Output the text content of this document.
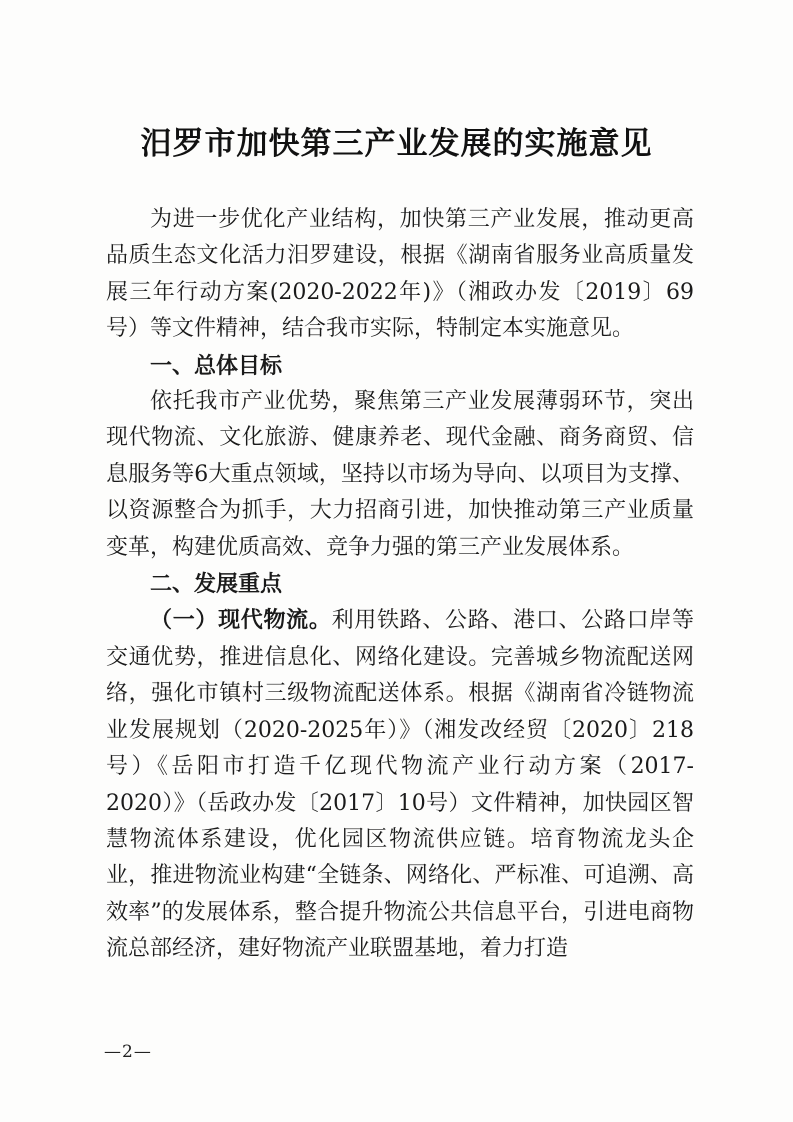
汨罗市加快第三产业发展的实施意见

为进一步优化产业结构，加快第三产业发展，推动更高品质生态文化活力汨罗建设，根据《湖南省服务业高质量发展三年行动方案(2020-2022年)》（湘政办发〔2019〕69号）等文件精神，结合我市实际，特制定本实施意见。

一、总体目标

依托我市产业优势，聚焦第三产业发展薄弱环节，突出现代物流、文化旅游、健康养老、现代金融、商务商贸、信息服务等6大重点领域，坚持以市场为导向、以项目为支撑、以资源整合为抓手，大力招商引进，加快推动第三产业质量变革，构建优质高效、竞争力强的第三产业发展体系。

二、发展重点

（一）现代物流。利用铁路、公路、港口、公路口岸等交通优势，推进信息化、网络化建设。完善城乡物流配送网络，强化市镇村三级物流配送体系。根据《湖南省冷链物流业发展规划（2020-2025年）》（湘发改经贸〔2020〕218号）《岳阳市打造千亿现代物流产业行动方案（2017-2020）》（岳政办发〔2017〕10号）文件精神，加快园区智慧物流体系建设，优化园区物流供应链。培育物流龙头企业，推进物流业构建“全链条、网络化、严标准、可追溯、高效率”的发展体系，整合提升物流公共信息平台，引进电商物流总部经济，建好物流产业联盟基地，着力打造

—2—
